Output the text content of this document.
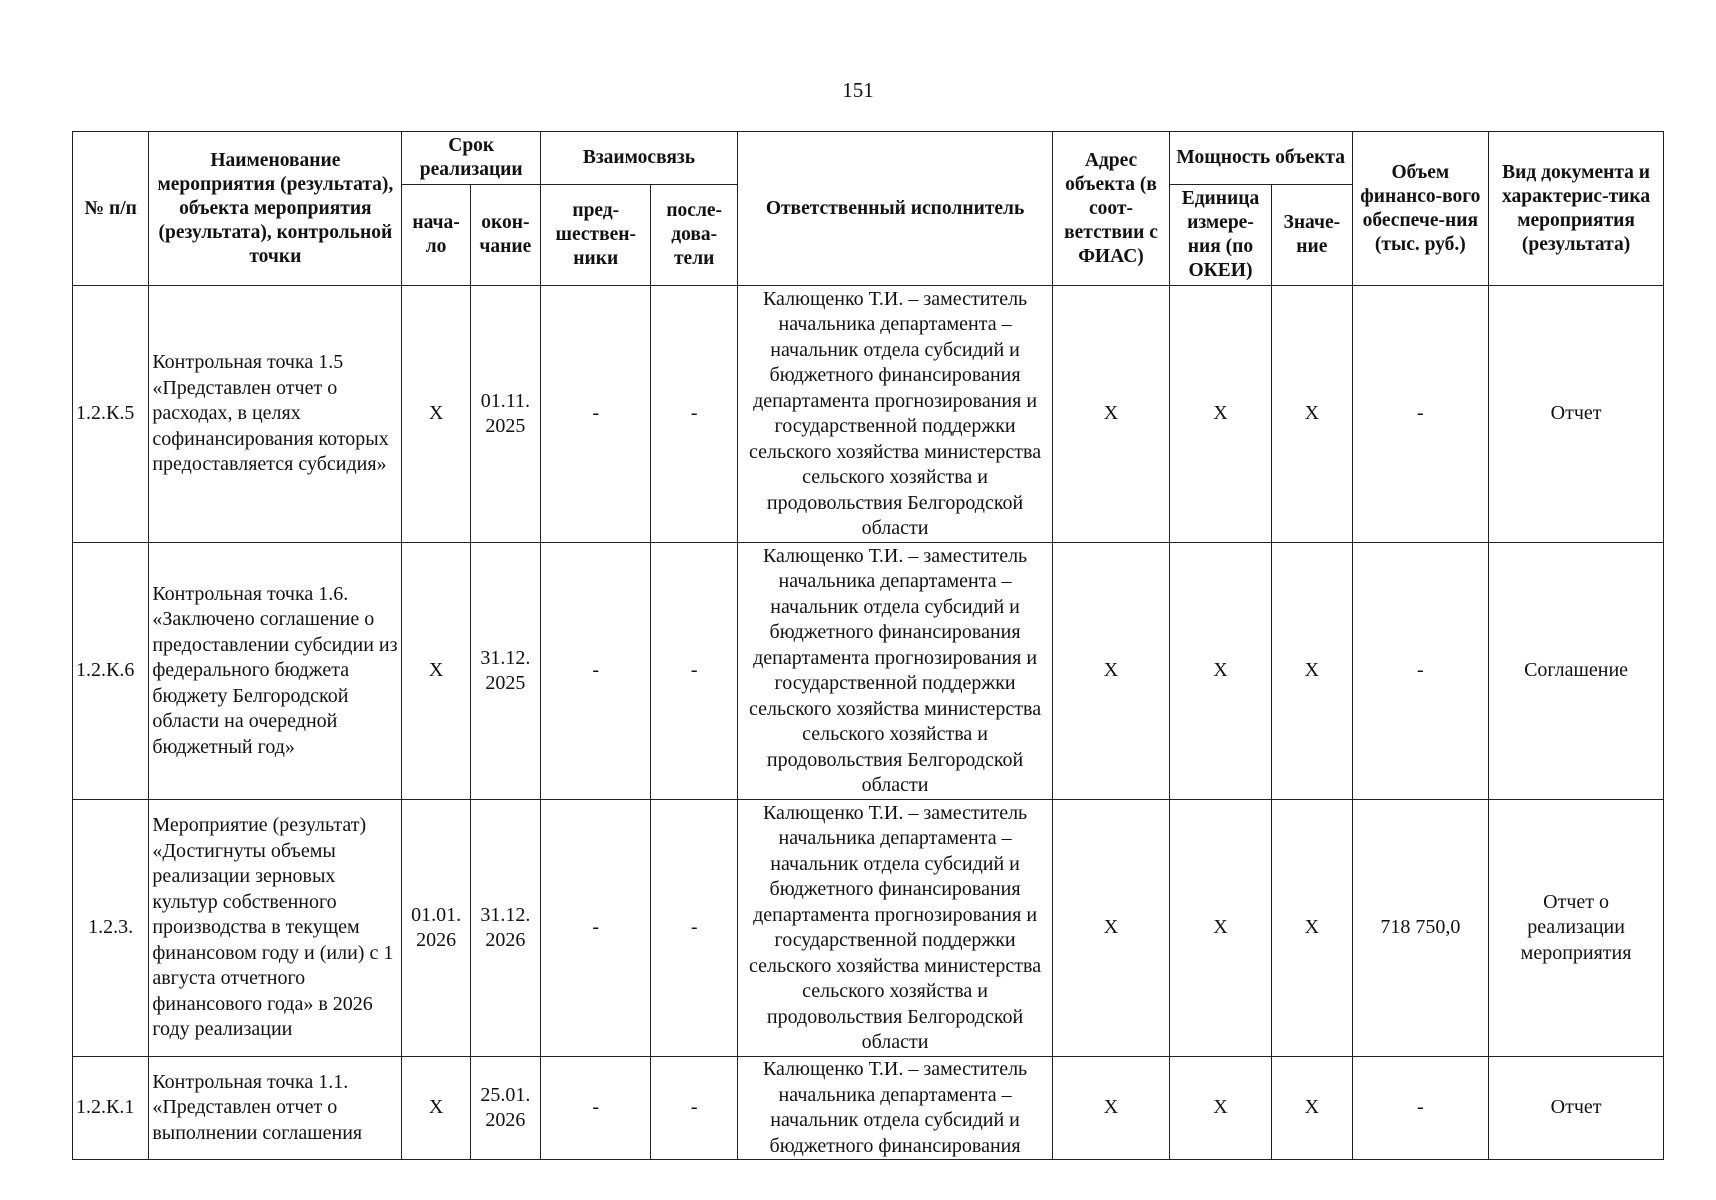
151
№ п/п	Наименование мероприятия (результата), объекта мероприятия (результата), контрольной точки	Срок реализации		Взаимосвязь		Ответственный исполнитель	Адрес объекта (в соот-ветствии с ФИАС)	Мощность объекта		Объем финансо-вого обеспече-ния (тыс. руб.)	Вид документа и характерис-тика мероприятия (результата)
		нача-ло	окон-чание	пред-шествен-ники	после-дова-тели			Единица измере-ния (по ОКЕИ)	Значе-ние		
1.2.К.5	Контрольная точка 1.5 «Представлен отчет о расходах, в целях софинансирования которых предоставляется субсидия»	Х	01.11. 2025	-	-	Калющенко Т.И. – заместитель начальника департамента – начальник отдела субсидий и бюджетного финансирования департамента прогнозирования и государственной поддержки сельского хозяйства министерства сельского хозяйства и продовольствия Белгородской области	Х	Х	Х	-	Отчет
1.2.К.6	Контрольная точка 1.6. «Заключено соглашение о предоставлении субсидии из федерального бюджета бюджету Белгородской области на очередной бюджетный год»	Х	31.12. 2025	-	-	Калющенко Т.И. – заместитель начальника департамента – начальник отдела субсидий и бюджетного финансирования департамента прогнозирования и государственной поддержки сельского хозяйства министерства сельского хозяйства и продовольствия Белгородской области	Х	Х	Х	-	Соглашение
1.2.3.	Мероприятие (результат) «Достигнуты объемы реализации зерновых культур собственного производства в текущем финансовом году и (или) с 1 августа отчетного финансового года» в 2026 году реализации	01.01. 2026	31.12. 2026	-	-	Калющенко Т.И. – заместитель начальника департамента – начальник отдела субсидий и бюджетного финансирования департамента прогнозирования и государственной поддержки сельского хозяйства министерства сельского хозяйства и продовольствия Белгородской области	Х	Х	Х	718 750,0	Отчет о реализации мероприятия
1.2.К.1	Контрольная точка 1.1. «Представлен отчет о выполнении соглашения	Х	25.01. 2026	-	-	Калющенко Т.И. – заместитель начальника департамента – начальник отдела субсидий и бюджетного финансирования	Х	Х	Х	-	Отчет
